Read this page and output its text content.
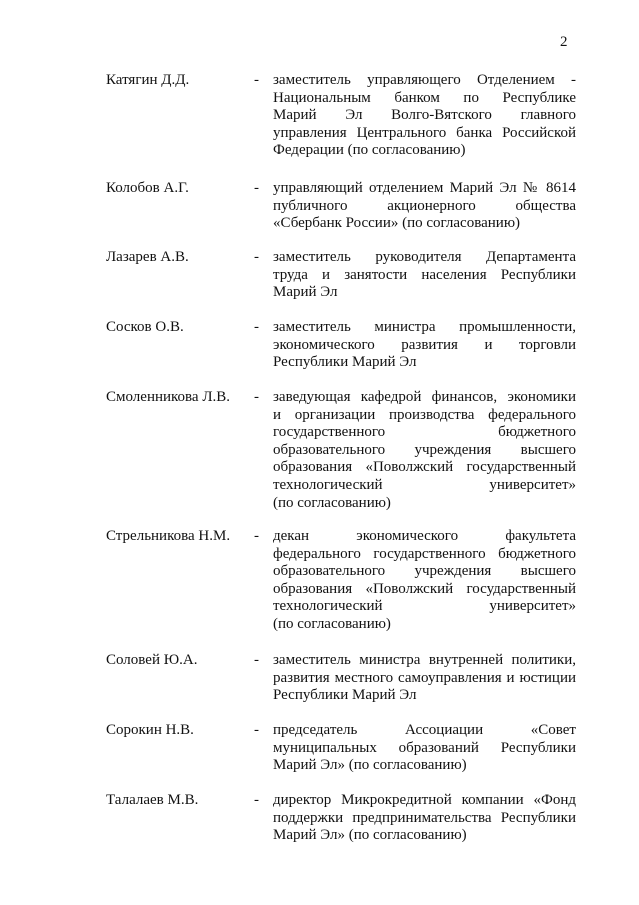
2
Катягин Д.Д.	- заместитель управляющего Отделением -
Национальным банком по Республике
Марий Эл Волго-Вятского главного
управления Центрального банка Российской
Федерации (по согласованию)
Колобов А.Г.	- управляющий отделением Марий Эл № 8614
публичного акционерного общества
«Сбербанк России» (по согласованию)
Лазарев А.В.	- заместитель руководителя Департамента
труда и занятости населения Республики
Марий Эл
Сосков О.В.	- заместитель министра промышленности,
экономического развития и торговли
Республики Марий Эл
Смоленникова Л.В. - заведующая кафедрой финансов, экономики
и организации производства федерального
государственного бюджетного
образовательного учреждения высшего
образования «Поволжский государственный
технологический университет»
(по согласованию)
Стрельникова Н.М. - декан экономического факультета
федерального государственного бюджетного
образовательного учреждения высшего
образования «Поволжский государственный
технологический университет»
(по согласованию)
Соловей Ю.А.	- заместитель министра внутренней политики,
развития местного самоуправления и юстиции
Республики Марий Эл
Сорокин Н.В.	- председатель Ассоциации «Совет
муниципальных образований Республики
Марий Эл» (по согласованию)
Талалаев М.В.	- директор Микрокредитной компании «Фонд
поддержки предпринимательства Республики
Марий Эл» (по согласованию)
